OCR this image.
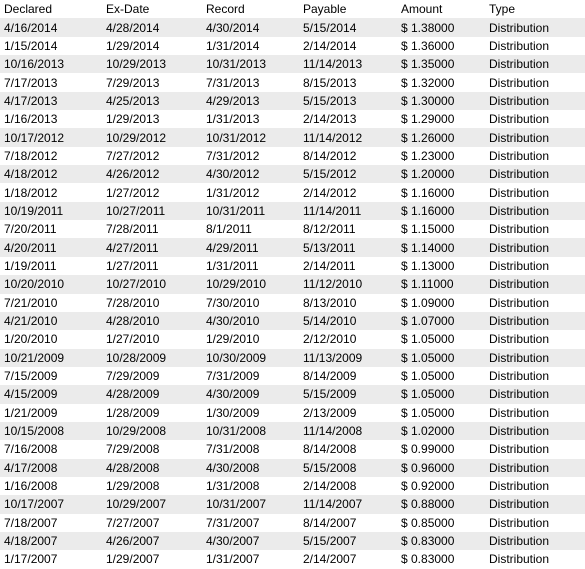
Declared	Ex-Date	Record	Payable	Amount	Type
4/16/2014	4/28/2014	4/30/2014	5/15/2014	$ 1.38000	Distribution
1/15/2014	1/29/2014	1/31/2014	2/14/2014	$ 1.36000	Distribution
10/16/2013	10/29/2013	10/31/2013	11/14/2013	$ 1.35000	Distribution
7/17/2013	7/29/2013	7/31/2013	8/15/2013	$ 1.32000	Distribution
4/17/2013	4/25/2013	4/29/2013	5/15/2013	$ 1.30000	Distribution
1/16/2013	1/29/2013	1/31/2013	2/14/2013	$ 1.29000	Distribution
10/17/2012	10/29/2012	10/31/2012	11/14/2012	$ 1.26000	Distribution
7/18/2012	7/27/2012	7/31/2012	8/14/2012	$ 1.23000	Distribution
4/18/2012	4/26/2012	4/30/2012	5/15/2012	$ 1.20000	Distribution
1/18/2012	1/27/2012	1/31/2012	2/14/2012	$ 1.16000	Distribution
10/19/2011	10/27/2011	10/31/2011	11/14/2011	$ 1.16000	Distribution
7/20/2011	7/28/2011	8/1/2011	8/12/2011	$ 1.15000	Distribution
4/20/2011	4/27/2011	4/29/2011	5/13/2011	$ 1.14000	Distribution
1/19/2011	1/27/2011	1/31/2011	2/14/2011	$ 1.13000	Distribution
10/20/2010	10/27/2010	10/29/2010	11/12/2010	$ 1.11000	Distribution
7/21/2010	7/28/2010	7/30/2010	8/13/2010	$ 1.09000	Distribution
4/21/2010	4/28/2010	4/30/2010	5/14/2010	$ 1.07000	Distribution
1/20/2010	1/27/2010	1/29/2010	2/12/2010	$ 1.05000	Distribution
10/21/2009	10/28/2009	10/30/2009	11/13/2009	$ 1.05000	Distribution
7/15/2009	7/29/2009	7/31/2009	8/14/2009	$ 1.05000	Distribution
4/15/2009	4/28/2009	4/30/2009	5/15/2009	$ 1.05000	Distribution
1/21/2009	1/28/2009	1/30/2009	2/13/2009	$ 1.05000	Distribution
10/15/2008	10/29/2008	10/31/2008	11/14/2008	$ 1.02000	Distribution
7/16/2008	7/29/2008	7/31/2008	8/14/2008	$ 0.99000	Distribution
4/17/2008	4/28/2008	4/30/2008	5/15/2008	$ 0.96000	Distribution
1/16/2008	1/29/2008	1/31/2008	2/14/2008	$ 0.92000	Distribution
10/17/2007	10/29/2007	10/31/2007	11/14/2007	$ 0.88000	Distribution
7/18/2007	7/27/2007	7/31/2007	8/14/2007	$ 0.85000	Distribution
4/18/2007	4/26/2007	4/30/2007	5/15/2007	$ 0.83000	Distribution
1/17/2007	1/29/2007	1/31/2007	2/14/2007	$ 0.83000	Distribution
